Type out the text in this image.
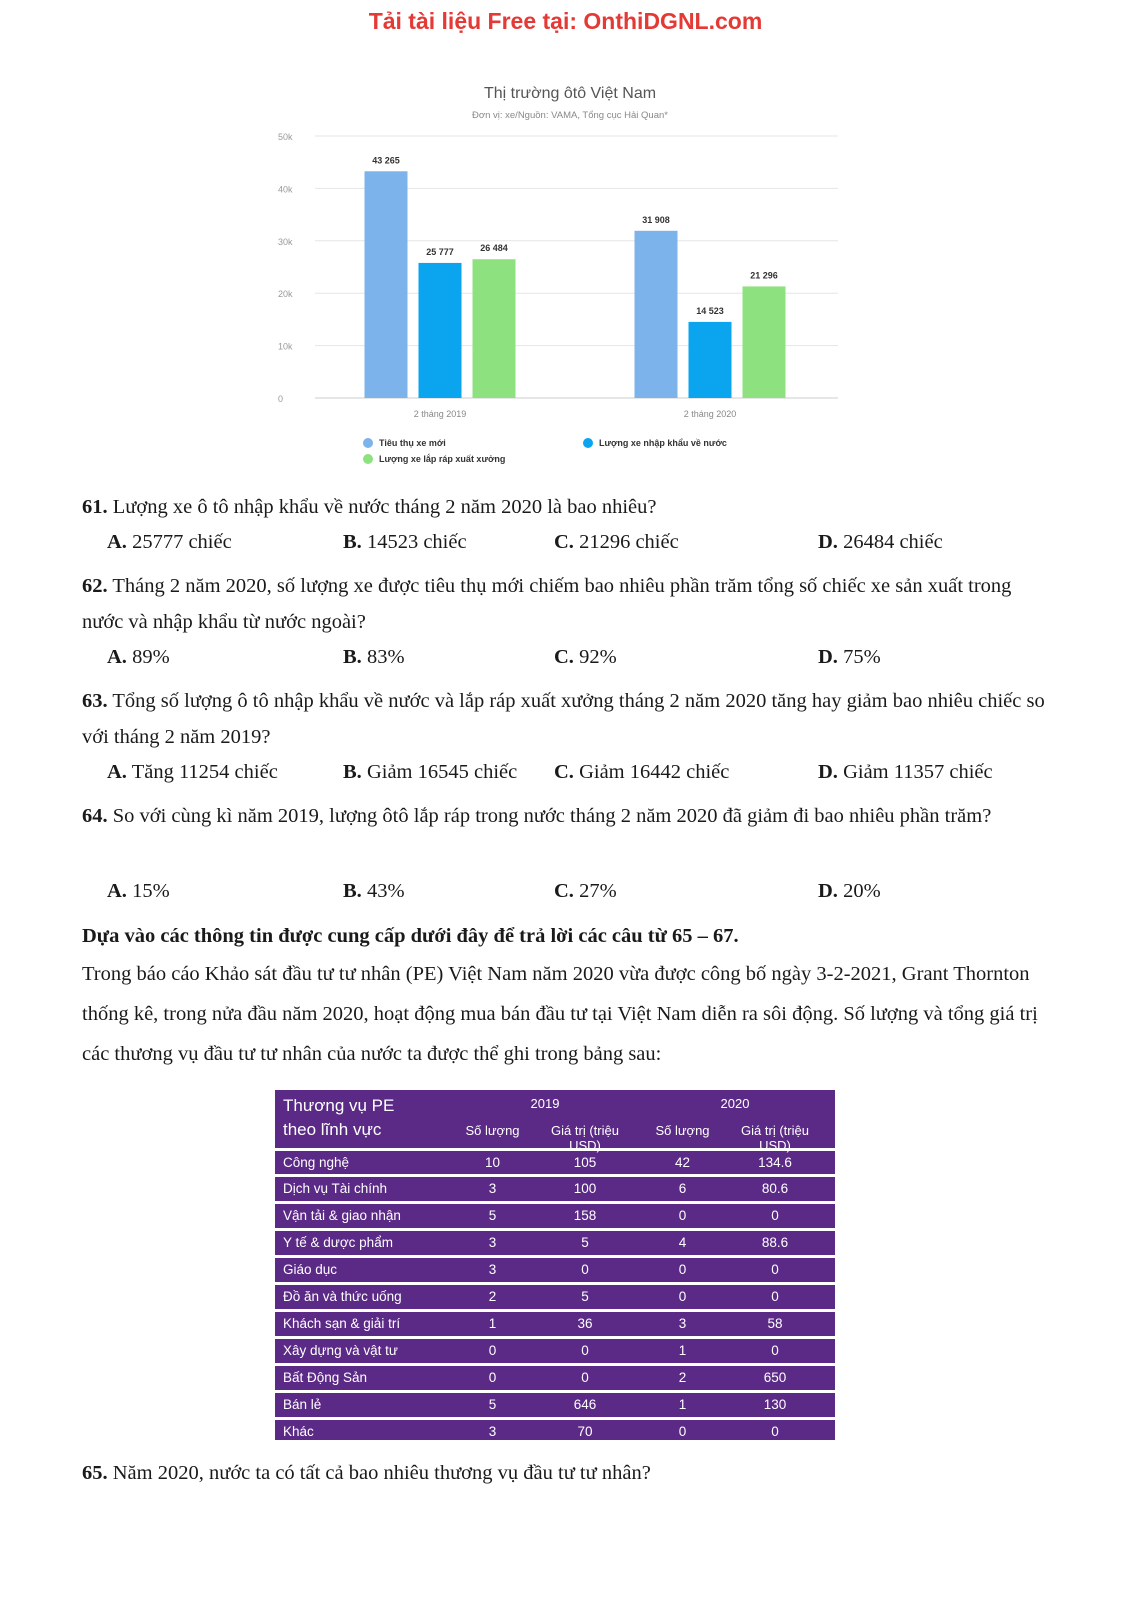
Tải tài liệu Free tại: OnthiDGNL.com
Thị trường ôtô Việt Nam
Đơn vị: xe/Nguồn: VAMA, Tổng cục Hải Quan*
0
10k
20k
30k
40k
50k
43 265
25 777	26 484
31 908
14 523
21 296
2 tháng 2019	2 tháng 2020
Tiêu thụ xe mới	Lượng xe nhập khẩu về nước
Lượng xe lắp ráp xuất xưởng
61. Lượng xe ô tô nhập khẩu về nước tháng 2 năm 2020 là bao nhiêu?
A. 25777 chiếc	B. 14523 chiếc	C. 21296 chiếc	D. 26484 chiếc
62. Tháng 2 năm 2020, số lượng xe được tiêu thụ mới chiếm bao nhiêu phần trăm tổng số chiếc xe sản xuất trong nước và nhập khẩu từ nước ngoài?
A. 89%	B. 83%	C. 92%	D. 75%
63. Tổng số lượng ô tô nhập khẩu về nước và lắp ráp xuất xưởng tháng 2 năm 2020 tăng hay giảm bao nhiêu chiếc so với tháng 2 năm 2019?
A. Tăng 11254 chiếc	B. Giảm 16545 chiếc C. Giảm 16442 chiếc	D. Giảm 11357 chiếc
64. So với cùng kì năm 2019, lượng ôtô lắp ráp trong nước tháng 2 năm 2020 đã giảm đi bao nhiêu phần trăm?
A. 15%	B. 43%	C. 27%	D. 20%
Dựa vào các thông tin được cung cấp dưới đây để trả lời các câu từ 65 – 67.
Trong báo cáo Khảo sát đầu tư tư nhân (PE) Việt Nam năm 2020 vừa được công bố ngày 3-2-2021, Grant Thornton thống kê, trong nửa đầu năm 2020, hoạt động mua bán đầu tư tại Việt Nam diễn ra sôi động. Số lượng và tổng giá trị các thương vụ đầu tư tư nhân của nước ta được thể ghi trong bảng sau:
Thương vụ PE
theo lĩnh vực
2019	2020
Số lượng	Giá trị (triệu USD)
Số lượng	Giá trị (triệu USD)
Công nghệ	10	105	42	134.6
Dịch vụ Tài chính	3	100	6	80.6
Vận tải & giao nhận	5	158	0	0
Y tế & dược phẩm	3	5	4	88.6
Giáo dục	3	0	0	0
Đồ ăn và thức uống	2	5	0	0
Khách sạn & giải trí	1	36	3	58
Xây dựng và vật tư	0	0	1	0
Bất Động Sản	0	0	2	650
Bán lẻ	5	646	1	130
Khác	3	70	0	0
65. Năm 2020, nước ta có tất cả bao nhiêu thương vụ đầu tư tư nhân?
